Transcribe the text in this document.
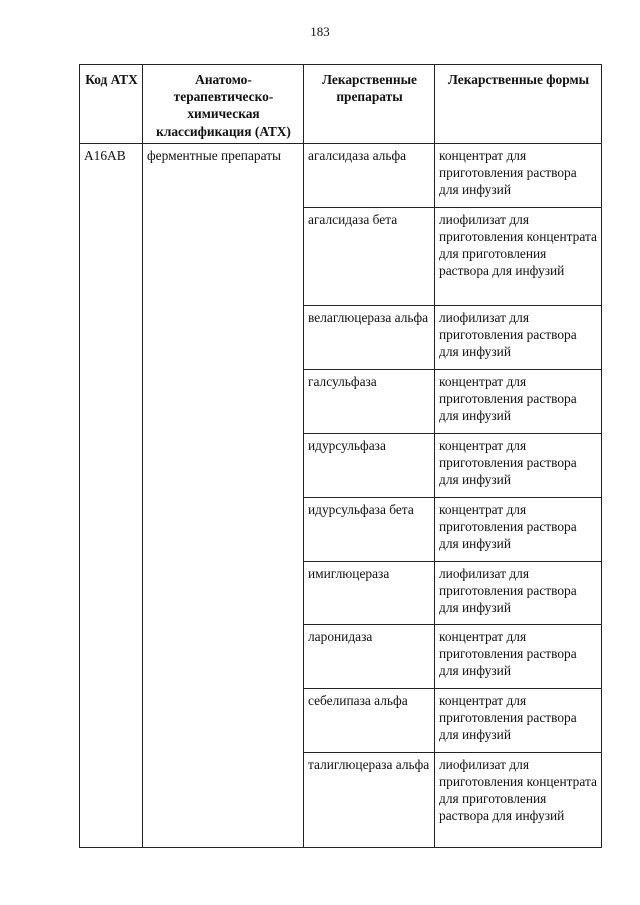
183
Код АТХ	Анатомо-терапевтическо-химическая классификация (АТХ)	Лекарственные препараты	Лекарственные формы
A16AB	ферментные препараты	агалсидаза альфа	концентрат для приготовления раствора для инфузий
		агалсидаза бета	лиофилизат для приготовления концентрата для приготовления раствора для инфузий
		велаглюцераза альфа	лиофилизат для приготовления раствора для инфузий
		галсульфаза	концентрат для приготовления раствора для инфузий
		идурсульфаза	концентрат для приготовления раствора для инфузий
		идурсульфаза бета	концентрат для приготовления раствора для инфузий
		имиглюцераза	лиофилизат для приготовления раствора для инфузий
		ларонидаза	концентрат для приготовления раствора для инфузий
		себелипаза альфа	концентрат для приготовления раствора для инфузий
		талиглюцераза альфа	лиофилизат для приготовления концентрата для приготовления раствора для инфузий
